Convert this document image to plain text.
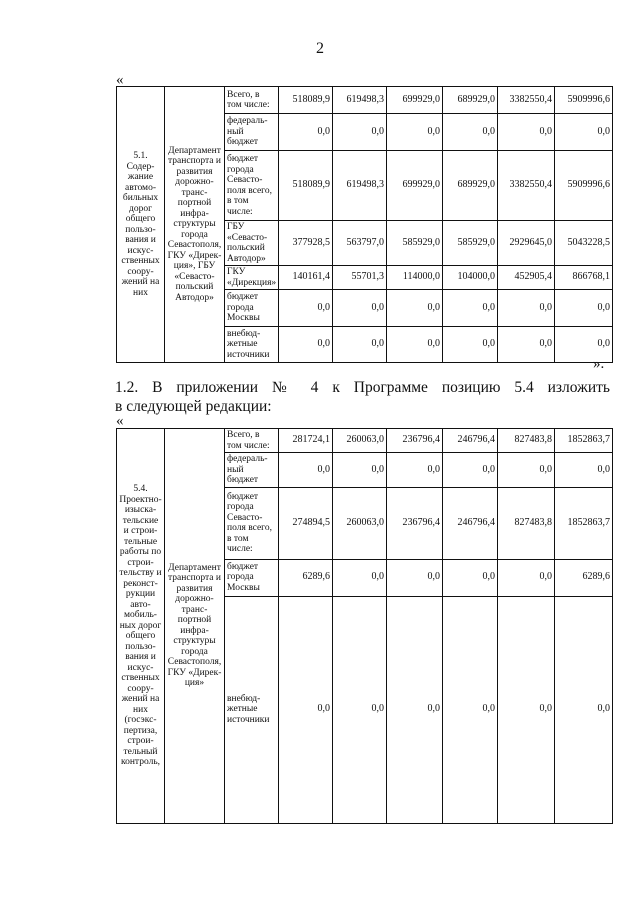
2
«
5.1. Содержание автомобильных дорог общего пользования и искусственных сооружений на них	Департамент транспорта и развития дорожно-транспортной инфраструктуры города Севастополя, ГКУ «Дирекция», ГБУ «Севастопольский Автодор»	Всего, в том числе:	518089,9	619498,3	699929,0	689929,0	3382550,4	5909996,6
		федеральный бюджет	0,0	0,0	0,0	0,0	0,0	0,0
		бюджет города Севастополя всего, в том числе:	518089,9	619498,3	699929,0	689929,0	3382550,4	5909996,6
		ГБУ «Севастопольский Автодор»	377928,5	563797,0	585929,0	585929,0	2929645,0	5043228,5
		ГКУ «Дирекция»	140161,4	55701,3	114000,0	104000,0	452905,4	866768,1
		бюджет города Москвы	0,0	0,0	0,0	0,0	0,0	0,0
		внебюджетные источники	0,0	0,0	0,0	0,0	0,0	0,0
».
1.2. В приложении № 4 к Программе позицию 5.4 изложить
в следующей редакции:
«
5.4. Проектно-изыскательские и строительные работы по строительству и реконструкции автомобильных дорог общего пользования и искусственных сооружений на них (госэкспертиза, строительный контроль,	Департамент транспорта и развития дорожно-транспортной инфраструктуры города Севастополя, ГКУ «Дирекция»	Всего, в том числе:	281724,1	260063,0	236796,4	246796,4	827483,8	1852863,7
		федеральный бюджет	0,0	0,0	0,0	0,0	0,0	0,0
		бюджет города Севастополя всего, в том числе:	274894,5	260063,0	236796,4	246796,4	827483,8	1852863,7
		бюджет города Москвы	6289,6	0,0	0,0	0,0	0,0	6289,6
		внебюджетные источники	0,0	0,0	0,0	0,0	0,0	0,0
